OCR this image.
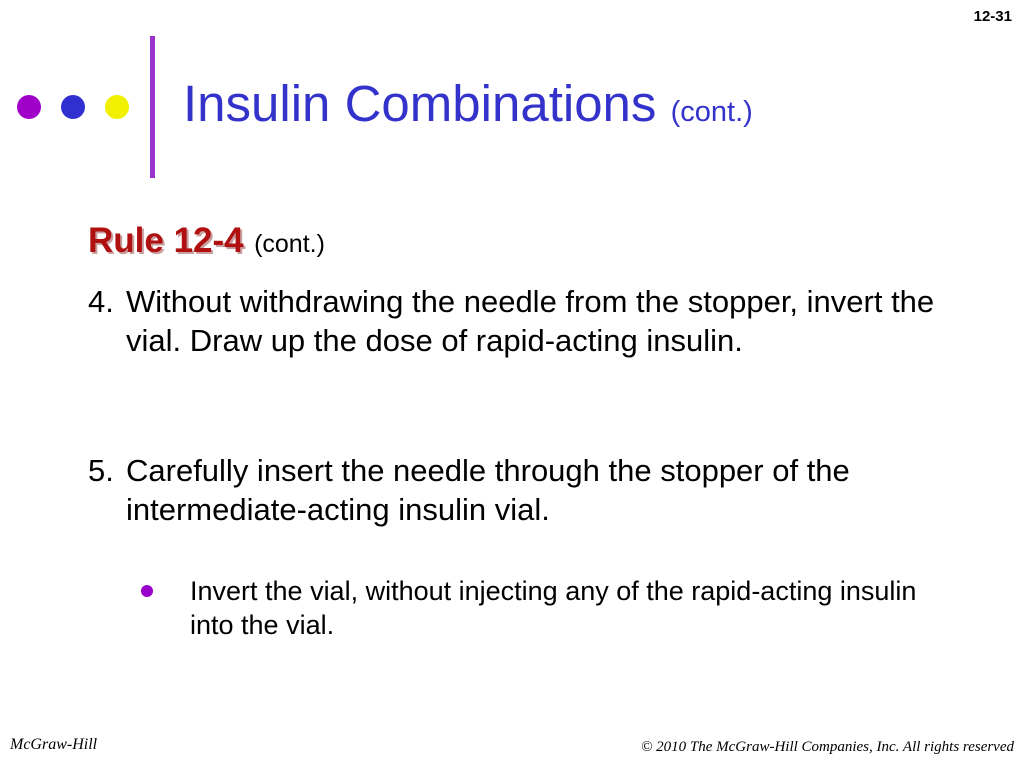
12-31
Insulin Combinations (cont.)
Rule 12-4 (cont.)
4. Without withdrawing the needle from the stopper, invert the vial. Draw up the dose of rapid-acting insulin.
5. Carefully insert the needle through the stopper of the intermediate-acting insulin vial.
Invert the vial, without injecting any of the rapid-acting insulin into the vial.
McGraw-Hill	© 2010 The McGraw-Hill Companies, Inc. All rights reserved
